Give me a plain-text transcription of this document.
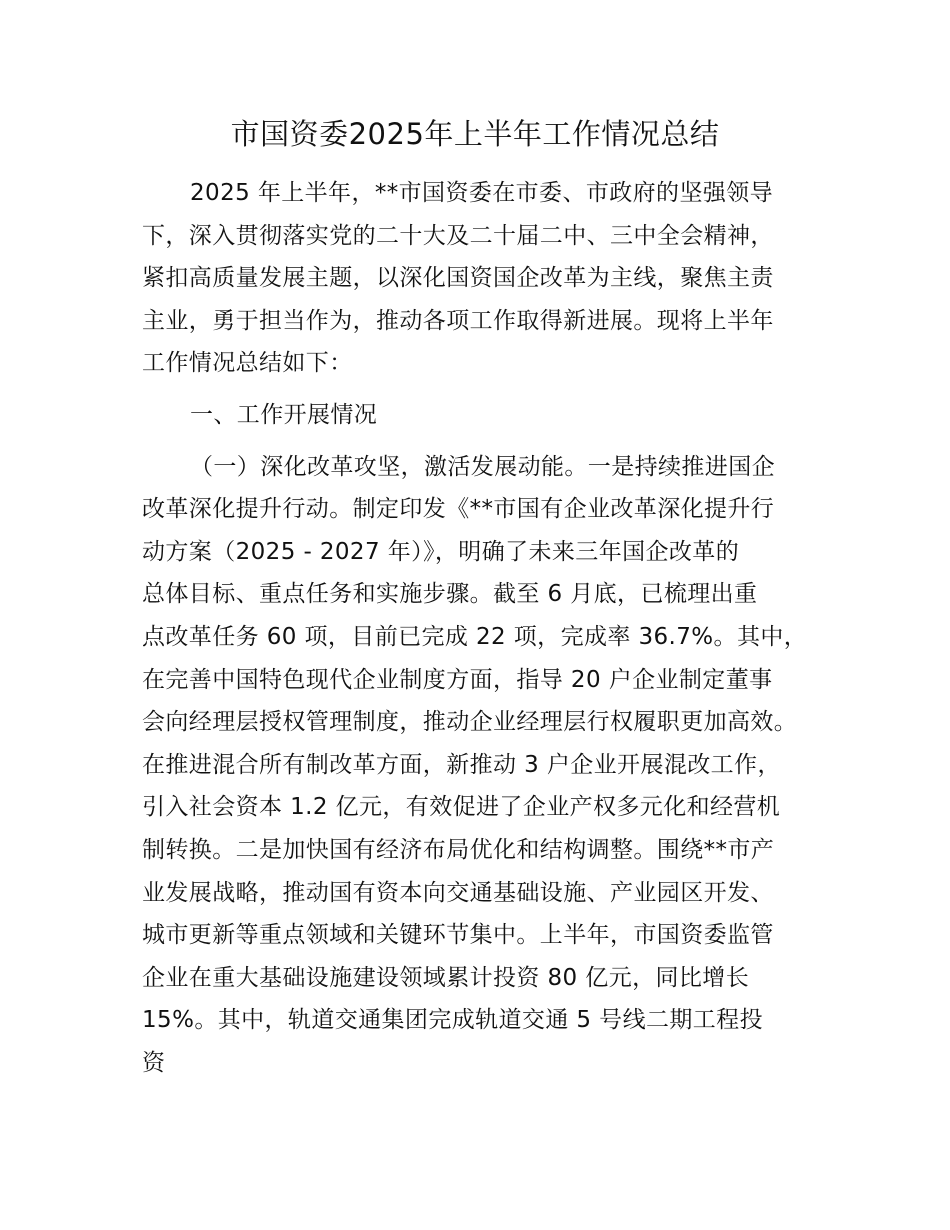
市国资委2025年上半年工作情况总结
2025 年上半年，**市国资委在市委、市政府的坚强领导
下，深入贯彻落实党的二十大及二十届二中、三中全会精神，
紧扣高质量发展主题，以深化国资国企改革为主线，聚焦主责
主业，勇于担当作为，推动各项工作取得新进展。现将上半年
工作情况总结如下：
一、工作开展情况
（一）深化改革攻坚，激活发展动能。一是持续推进国企
改革深化提升行动。制定印发《**市国有企业改革深化提升行
动方案（2025 - 2027 年）》，明确了未来三年国企改革的
总体目标、重点任务和实施步骤。截至 6 月底，已梳理出重
点改革任务 60 项，目前已完成 22 项，完成率 36.7%。其中，
在完善中国特色现代企业制度方面，指导 20 户企业制定董事
会向经理层授权管理制度，推动企业经理层行权履职更加高效。
在推进混合所有制改革方面，新推动 3 户企业开展混改工作，
引入社会资本 1.2 亿元，有效促进了企业产权多元化和经营机
制转换。二是加快国有经济布局优化和结构调整。围绕**市产
业发展战略，推动国有资本向交通基础设施、产业园区开发、
城市更新等重点领域和关键环节集中。上半年，市国资委监管
企业在重大基础设施建设领域累计投资 80 亿元，同比增长
15%。其中，轨道交通集团完成轨道交通 5 号线二期工程投
资
